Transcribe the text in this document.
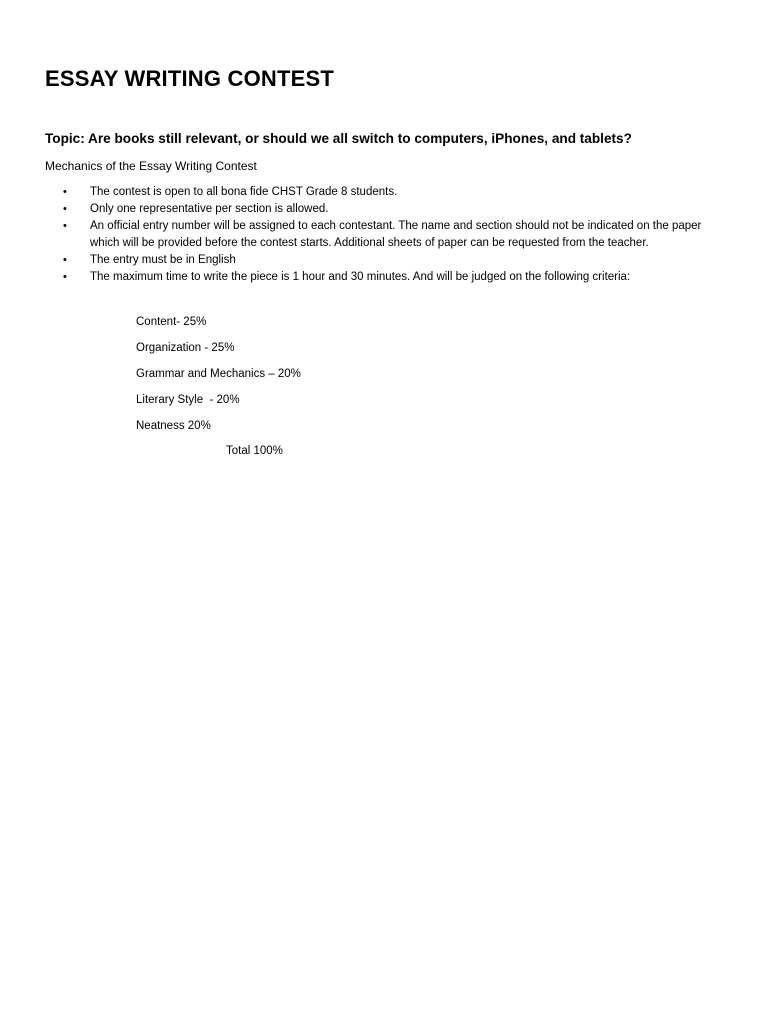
ESSAY WRITING CONTEST

Topic: Are books still relevant, or should we all switch to computers, iPhones, and tablets?

Mechanics of the Essay Writing Contest

• The contest is open to all bona fide CHST Grade 8 students.
• Only one representative per section is allowed.
• An official entry number will be assigned to each contestant. The name and section should not be indicated on the paper which will be provided before the contest starts. Additional sheets of paper can be requested from the teacher.
• The entry must be in English
• The maximum time to write the piece is 1 hour and 30 minutes. And will be judged on the following criteria:
Content- 25%
Organization - 25%
Grammar and Mechanics – 20%
Literary Style  - 20%
Neatness 20%

Total 100%
